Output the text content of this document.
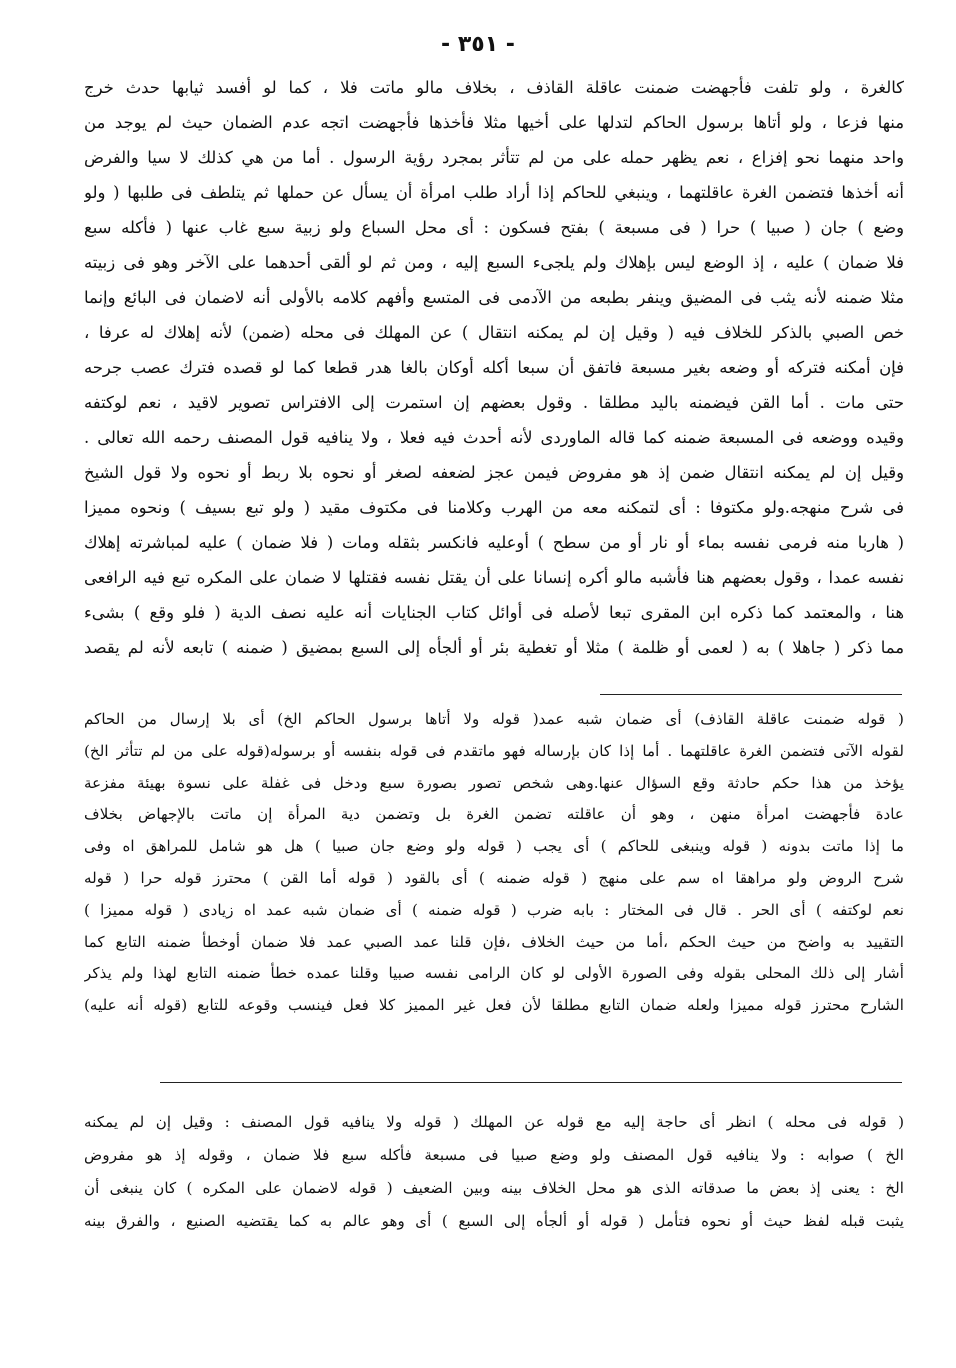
- ٣٥١ -
كالغرة ، ولو تلفت فأجهضت ضمنت عاقلة القاذف ، بخلاف مالو ماتت فلا ، كما لو أفسد ثيابها حدث خرج
منها فزعا ، ولو أتاها برسول الحاكم لتدلها على أخيها مثلا فأخذها فأجهضت اتجه عدم الضمان حيث لم يوجد من
واحد منهما نحو إفزاع ، نعم يظهر حمله على من لم تتأثر بمجرد رؤية الرسول . أما من هي كذلك لا سيا والفرض
أنه أخذها فتضمن الغرة عاقلتهما ، وينبغي للحاكم إذا أراد طلب امرأة أن يسأل عن حملها ثم يتلطف فى طلبها ( ولو
وضع ) جان ( صبيا ) حرا ( فى مسبعة ) بفتح فسكون : أى محل السباع ولو زبية سبع غاب عنها ( فأكله سبع
فلا ضمان ) عليه ، إذ الوضع ليس بإهلاك ولم يلجىء السبع إليه ، ومن ثم لو ألقى أحدهما على الآخر وهو فى زبيته
مثلا ضمنه لأنه يثب فى المضيق وينفر بطبعه من الآدمى فى المتسع وأفهم كلامه بالأولى أنه لاضمان فى البائع وإنما
خص الصبي بالذكر للخلاف فيه ( وقيل إن لم يمكنه انتقال ) عن المهلك فى محله (ضمن) لأنه إهلاك له عرفا ،
فإن أمكنه فتركه أو وضعه بغير مسبعة فاتفق أن سبعا أكله أوكان بالغا هدر قطعا كما لو قصده فترك عصب جرحه
حتى مات . أما القن فيضمنه باليد مطلقا . وقول بعضهم إن استمرت إلى الافتراس تصوير لاقيد ، نعم لوكتفه
وقيده ووضعه فى المسبعة ضمنه كما قاله الماوردى لأنه أحدث فيه فعلا ، ولا ينافيه قول المصنف رحمه الله تعالى .
وقيل إن لم يمكنه انتقال ضمن إذ هو مفروض فيمن عجز لضعفه لصغر أو نحوه بلا ربط أو نحوه ولا قول الشيخ
فى شرح منهجه.ولو مكتوفا : أى لتمكنه معه من الهرب وكلامنا فى مكتوف مقيد ( ولو تبع بسيف ) ونحوه مميزا
( هاربا منه فرمى نفسه بماء أو نار أو من سطح ) أوعليه فانكسر بثقله ومات ( فلا ضمان ) عليه لمباشرته إهلاك
نفسه عمدا ، وقول بعضهم هنا فأشبه مالو أكره إنسانا على أن يقتل نفسه فقتلها لا ضمان على المكره تبع فيه الرافعى
هنا ، والمعتمد كما ذكره ابن المقرى تبعا لأصله فى أوائل كتاب الجنايات أنه عليه نصف الدية ( فلو وقع ) بشىء
مما ذكر ( جاهلا ) به ( لعمى أو ظلمة ) مثلا أو تغطية بئر أو ألجأه إلى السبع بمضيق ( ضمنه ) تابعه لأنه لم يقصد
( قوله ضمنت عاقلة القاذف) أى ضمان شبه عمد( قوله ولا أتاها برسول الحاكم الخ) أى بلا إرسال من الحاكم
لقوله الآتى فتضمن الغرة عاقلتهما . أما إذا كان بإرساله فهو ماتقدم فى قوله بنفسه أو برسوله(قوله على من لم تتأثر الخ)
يؤخذ من هذا حكم حادثة وقع السؤال عنها.وهى شخص تصور بصورة سبع ودخل فى غفلة على نسوة بهيئة مفزعة
عادة فأجهضت امرأة منهن ، وهو أن عاقلته تضمن الغرة بل وتضمن دية المرأة إن ماتت بالإجهاض بخلاف
ما إذا ماتت بدونه ( قوله وينبغى للحاكم ) أى يجب ( قوله ولو وضع جان صبيا ) هل هو شامل للمراهق اه وفى
شرح الروض ولو مراهقا اه سم على منهج ( قوله ضمنه ) أى بالقود ( قوله أما القن ) محترز قوله حرا ( قوله
نعم لوكتفه ) أى الحر . قال فى المختار : بابه ضرب ( قوله ضمنه ) أى ضمان شبه عمد اه زيادى ( قوله مميزا )
التقييد به واضح من حيث الحكم ،أما من حيث الخلاف ،فإن قلنا عمد الصبي عمد فلا ضمان أوخطأ ضمنه التابع كما
أشار إلى ذلك المحلى بقوله وفى الصورة الأولى لو كان الرامى نفسه صبيا وقلنا عمده خطأ ضمنه التابع لهذا ولم يذكر
الشارح محترز قوله مميزا ولعله ضمان التابع مطلقا لأن فعل غير المميز كلا فعل فينسب وقوعه للتابع (قوله أنه عليه)
( قوله فى محله ) انظر أى حاجة إليه مع قوله عن المهلك ( قوله ولا ينافيه قول المصنف : وقيل إن لم يمكنه
الخ ) صوابه : ولا ينافيه قول المصنف ولو وضع صبيا فى مسبعة فأكله سبع فلا ضمان ، وقوله إذ هو مفروض
الخ : يعنى إذ بعض ما صدقاته الذى هو محل الخلاف بينه وبين الضعيف ( قوله لاضمان على المكره ) كان ينبغى أن
يثبت قبله لفظ حيث أو نحوه فتأمل ( قوله أو ألجأه إلى السبع ) أى وهو عالم به كما يقتضيه الصنيع ، والفرق بينه
